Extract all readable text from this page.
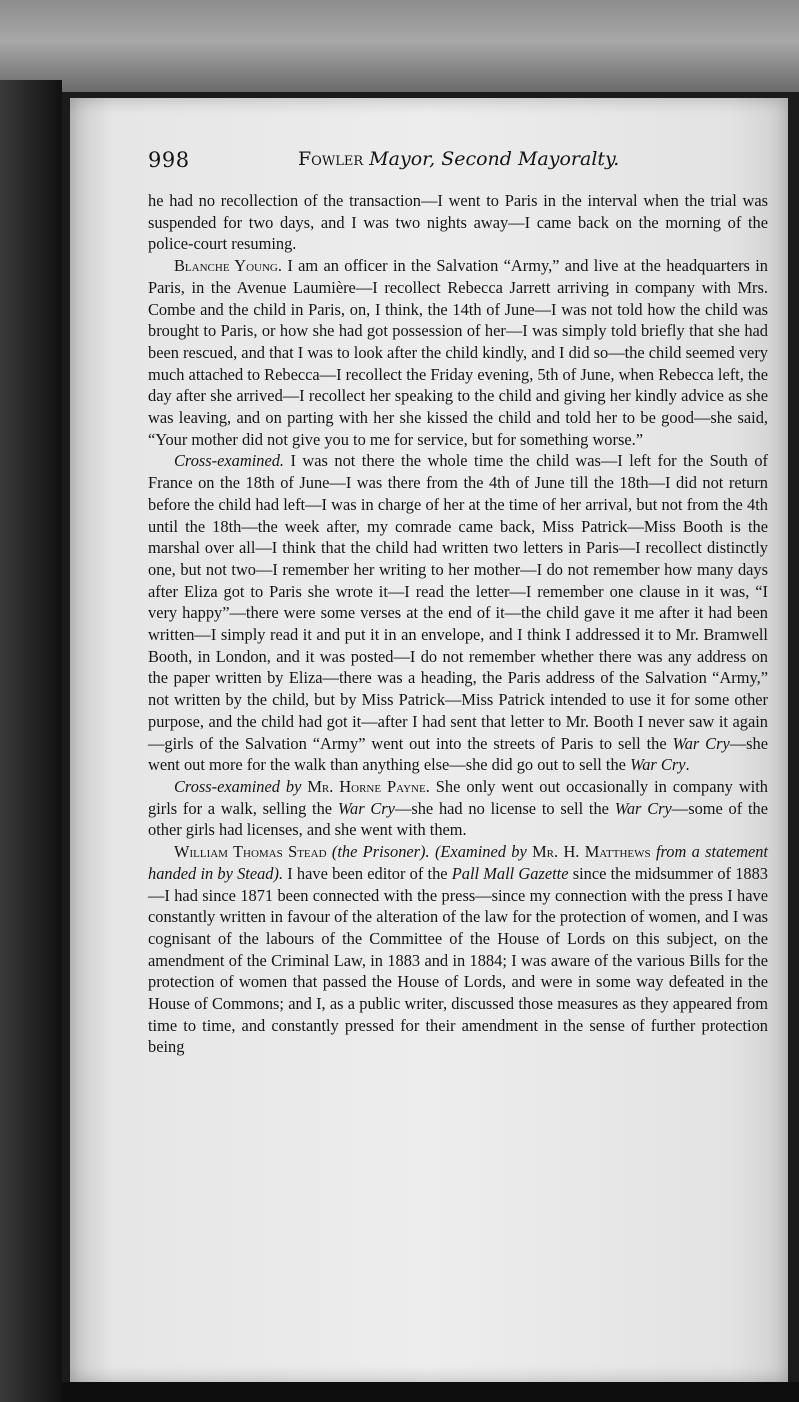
998	Fowler Mayor, Second Mayoralty.

he had no recollection of the transaction—I went to Paris in the interval when the trial was suspended for two days, and I was two nights away—I came back on the morning of the police-court resuming.

Blanche Young. I am an officer in the Salvation “Army,” and live at the headquarters in Paris, in the Avenue Laumière—I recollect Rebecca Jarrett arriving in company with Mrs. Combe and the child in Paris, on, I think, the 14th of June—I was not told how the child was brought to Paris, or how she had got possession of her—I was simply told briefly that she had been rescued, and that I was to look after the child kindly, and I did so—the child seemed very much attached to Rebecca—I recollect the Friday evening, 5th of June, when Rebecca left, the day after she arrived—I recollect her speaking to the child and giving her kindly advice as she was leaving, and on parting with her she kissed the child and told her to be good—she said, “Your mother did not give you to me for service, but for something worse.”

Cross-examined. I was not there the whole time the child was—I left for the South of France on the 18th of June—I was there from the 4th of June till the 18th—I did not return before the child had left—I was in charge of her at the time of her arrival, but not from the 4th until the 18th—the week after, my comrade came back, Miss Patrick—Miss Booth is the marshal over all—I think that the child had written two letters in Paris—I recollect distinctly one, but not two—I remember her writing to her mother—I do not remember how many days after Eliza got to Paris she wrote it—I read the letter—I remember one clause in it was, “I very happy”—there were some verses at the end of it—the child gave it me after it had been written—I simply read it and put it in an envelope, and I think I addressed it to Mr. Bramwell Booth, in London, and it was posted—I do not remember whether there was any address on the paper written by Eliza—there was a heading, the Paris address of the Salvation “Army,” not written by the child, but by Miss Patrick—Miss Patrick intended to use it for some other purpose, and the child had got it—after I had sent that letter to Mr. Booth I never saw it again—girls of the Salvation “Army” went out into the streets of Paris to sell the War Cry—she went out more for the walk than anything else—she did go out to sell the War Cry.

Cross-examined by Mr. Horne Payne. She only went out occasionally in company with girls for a walk, selling the War Cry—she had no license to sell the War Cry—some of the other girls had licenses, and she went with them.

William Thomas Stead (the Prisoner). (Examined by Mr. H. Matthews from a statement handed in by Stead). I have been editor of the Pall Mall Gazette since the midsummer of 1883—I had since 1871 been connected with the press—since my connection with the press I have constantly written in favour of the alteration of the law for the protection of women, and I was cognisant of the labours of the Committee of the House of Lords on this subject, on the amendment of the Criminal Law, in 1883 and in 1884; I was aware of the various Bills for the protection of women that passed the House of Lords, and were in some way defeated in the House of Commons; and I, as a public writer, discussed those measures as they appeared from time to time, and constantly pressed for their amendment in the sense of further protection being
